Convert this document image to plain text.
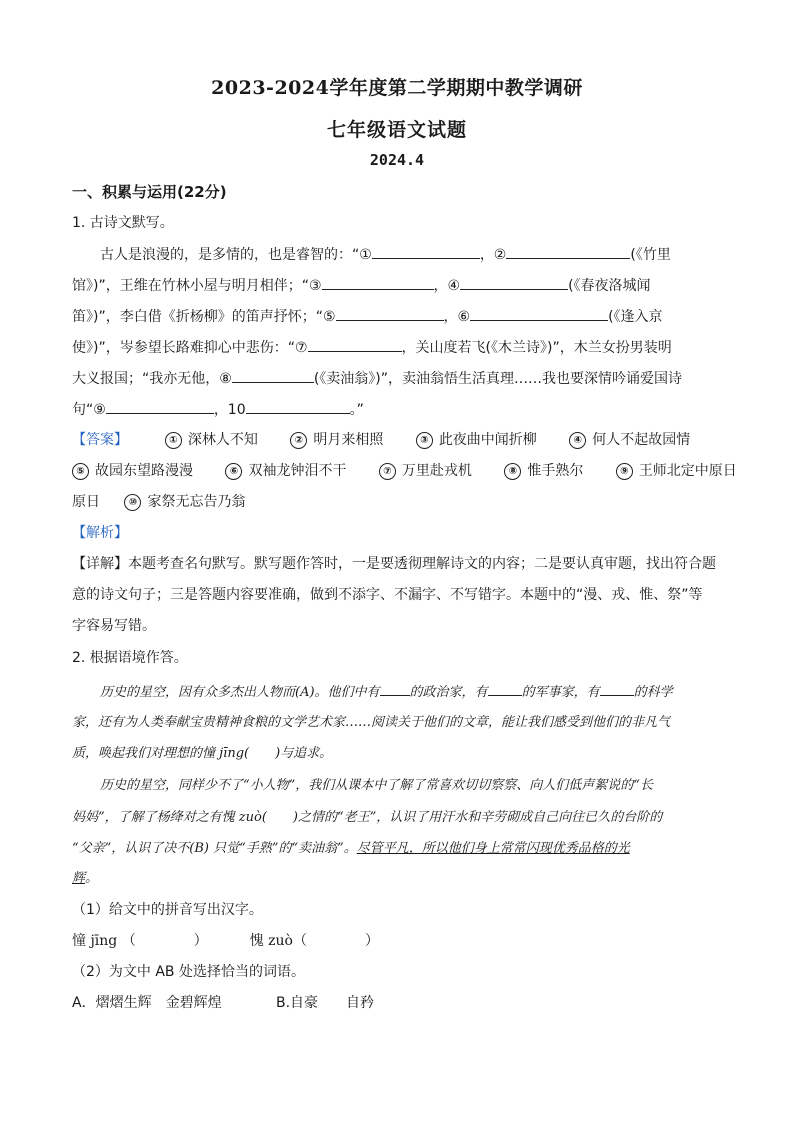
2023-2024学年度第二学期期中教学调研
七年级语文试题
2024.4
一、积累与运用(22分)
1. 古诗文默写。
古人是浪漫的，是多情的，也是睿智的：“①	，②	(《竹里
馆》)”，王维在竹林小屋与明月相伴；“③	，④	(《春夜洛城闻
笛》)”，李白借《折杨柳》的笛声抒怀；“⑤	，⑥	(《逢入京
使》)”，岑参望长路难抑心中悲伤：“⑦	，关山度若飞(《木兰诗》)”，木兰女扮男装明
大义报国；“我亦无他，⑧	(《卖油翁》)”，卖油翁悟生活真理……我也要深情吟诵爱国诗
句“⑨	，10	。”
【答案】	① 深林人不知	② 明月来相照	③ 此夜曲中闻折柳	④ 何人不起故园情
⑤ 故园东望路漫漫	⑥ 双袖龙钟泪不干	⑦ 万里赴戎机	⑧ 惟手熟尔	⑨ 王师北定中原日
原日	⑩ 家祭无忘告乃翁
【解析】
【详解】本题考查名句默写。默写题作答时，一是要透彻理解诗文的内容；二是要认真审题，找出符合题
意的诗文句子；三是答题内容要准确，做到不添字、不漏字、不写错字。本题中的“漫、戎、惟、祭”等
字容易写错。
2. 根据语境作答。
历史的星空，因有众多杰出人物而(A)。他们中有 的政治家，有	的军事家，有	的科学
家，还有为人类奉献宝贵精神食粮的文学艺术家……阅读关于他们的文章，能让我们感受到他们的非凡气
质，唤起我们对理想的憧 jīng(　　)与追求。
历史的星空，同样少不了“小人物”，我们从课本中了解了常喜欢切切察察、向人们低声絮说的“长
妈妈”，了解了杨绛对之有愧 zuò(　　)之情的“老王”，认识了用汗水和辛劳砌成自己向往已久的台阶的
“父亲”，认识了决不(B) 只觉“手熟”的“卖油翁”。尽管平凡，所以他们身上常常闪现优秀品格的光
辉。
（1）给文中的拼音写出汉字。
憧 jīng （	）	愧 zuò（	）
（2）为文中 AB 处选择恰当的词语。
A．熠熠生辉　金碧辉煌	B.自豪　　自矜
